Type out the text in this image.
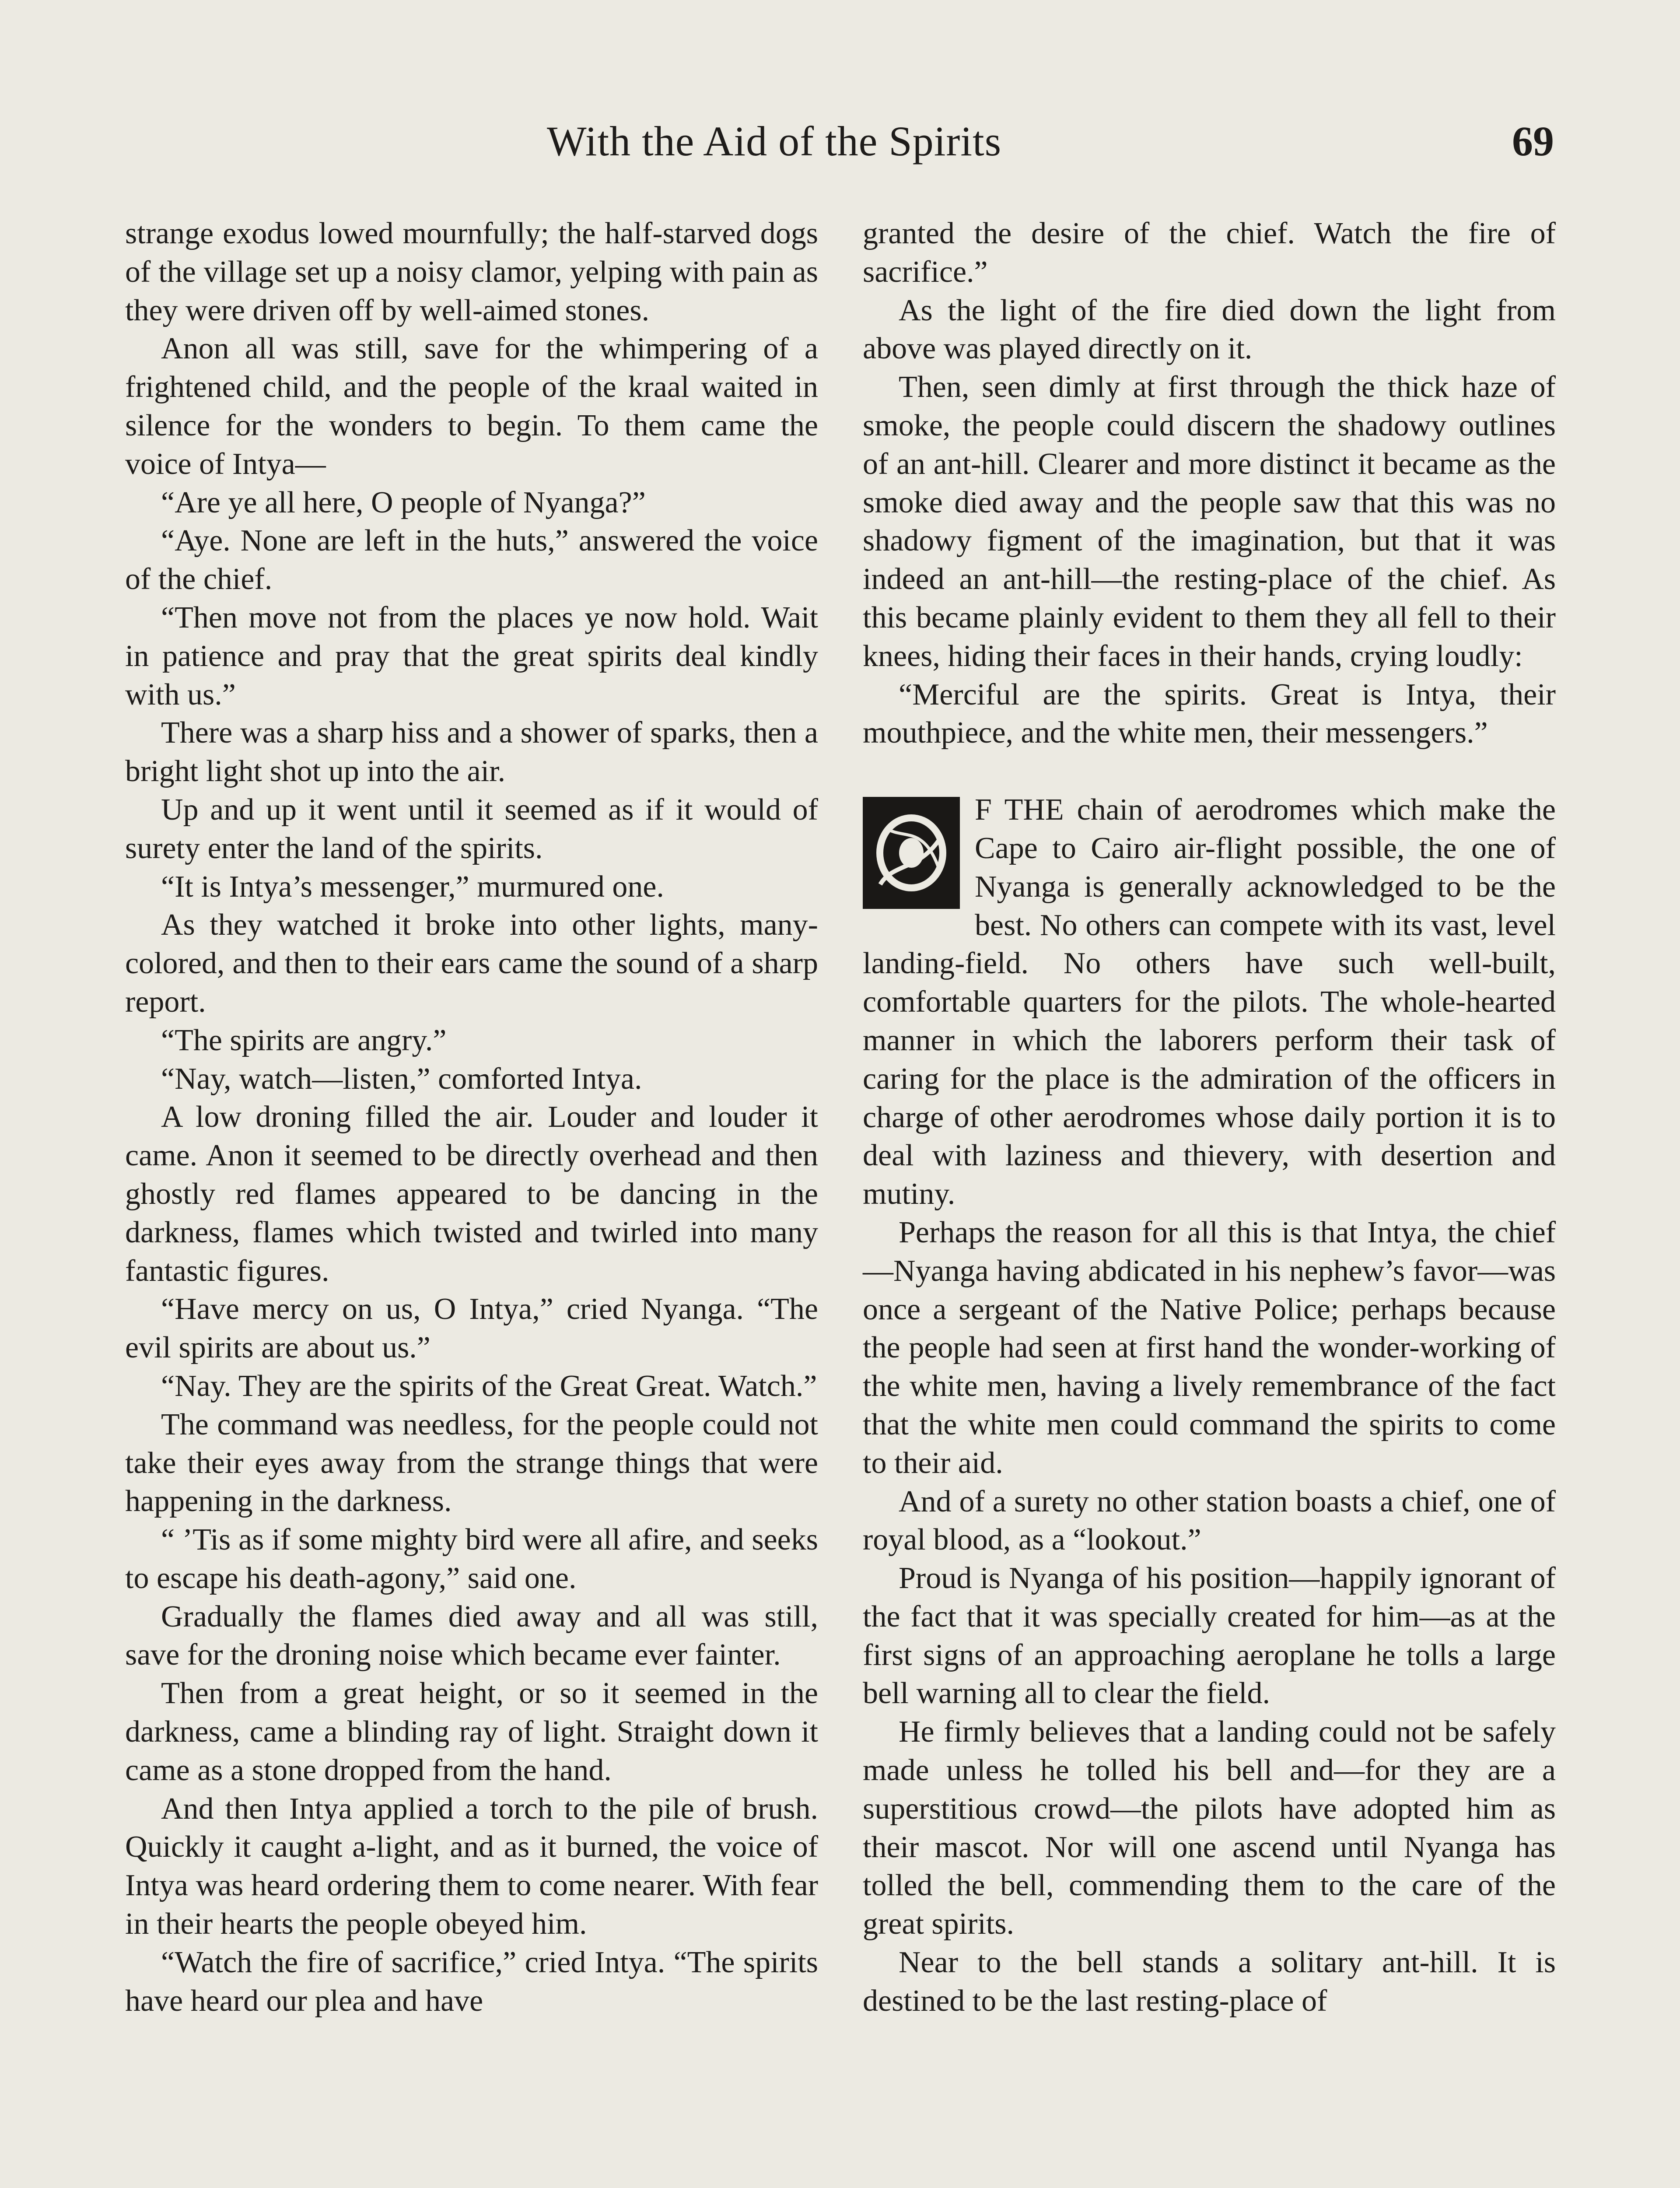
With the Aid of the Spirits	69

strange exodus lowed mournfully; the half-starved dogs of the village set up a noisy clamor, yelping with pain as they were driven off by well-aimed stones.

Anon all was still, save for the whimpering of a frightened child, and the people of the kraal waited in silence for the wonders to begin. To them came the voice of Intya—

“Are ye all here, O people of Nyanga?”

“Aye. None are left in the huts,” answered the voice of the chief.

“Then move not from the places ye now hold. Wait in patience and pray that the great spirits deal kindly with us.”

There was a sharp hiss and a shower of sparks, then a bright light shot up into the air.

Up and up it went until it seemed as if it would of surety enter the land of the spirits.

“It is Intya’s messenger,” murmured one.

As they watched it broke into other lights, many-colored, and then to their ears came the sound of a sharp report.

“The spirits are angry.”

“Nay, watch—listen,” comforted Intya.

A low droning filled the air. Louder and louder it came. Anon it seemed to be directly overhead and then ghostly red flames appeared to be dancing in the darkness, flames which twisted and twirled into many fantastic figures.

“Have mercy on us, O Intya,” cried Nyanga. “The evil spirits are about us.”

“Nay. They are the spirits of the Great Great. Watch.”

The command was needless, for the people could not take their eyes away from the strange things that were happening in the darkness.

“ ’Tis as if some mighty bird were all afire, and seeks to escape his death-agony,” said one.

Gradually the flames died away and all was still, save for the droning noise which became ever fainter.

Then from a great height, or so it seemed in the darkness, came a blinding ray of light. Straight down it came as a stone dropped from the hand.

And then Intya applied a torch to the pile of brush. Quickly it caught a-light, and as it burned, the voice of Intya was heard ordering them to come nearer. With fear in their hearts the people obeyed him.

“Watch the fire of sacrifice,” cried Intya. “The spirits have heard our plea and have

granted the desire of the chief. Watch the fire of sacrifice.”

As the light of the fire died down the light from above was played directly on it.

Then, seen dimly at first through the thick haze of smoke, the people could discern the shadowy outlines of an ant-hill. Clearer and more distinct it became as the smoke died away and the people saw that this was no shadowy figment of the imagination, but that it was indeed an ant-hill—the resting-place of the chief. As this became plainly evident to them they all fell to their knees, hiding their faces in their hands, crying loudly:

“Merciful are the spirits. Great is Intya, their mouthpiece, and the white men, their messengers.”

F THE chain of aerodromes which make the Cape to Cairo air-flight possible, the one of Nyanga is generally acknowledged to be the best. No others can compete with its vast, level landing-field. No others have such well-built, comfortable quarters for the pilots. The whole-hearted manner in which the laborers perform their task of caring for the place is the admiration of the officers in charge of other aerodromes whose daily portion it is to deal with laziness and thievery, with desertion and mutiny.

Perhaps the reason for all this is that Intya, the chief—Nyanga having abdicated in his nephew’s favor—was once a sergeant of the Native Police; perhaps because the people had seen at first hand the wonder-working of the white men, having a lively remembrance of the fact that the white men could command the spirits to come to their aid.

And of a surety no other station boasts a chief, one of royal blood, as a “lookout.”

Proud is Nyanga of his position—happily ignorant of the fact that it was specially created for him—as at the first signs of an approaching aeroplane he tolls a large bell warning all to clear the field.

He firmly believes that a landing could not be safely made unless he tolled his bell and—for they are a superstitious crowd—the pilots have adopted him as their mascot. Nor will one ascend until Nyanga has tolled the bell, commending them to the care of the great spirits.

Near to the bell stands a solitary ant-hill. It is destined to be the last resting-place of
